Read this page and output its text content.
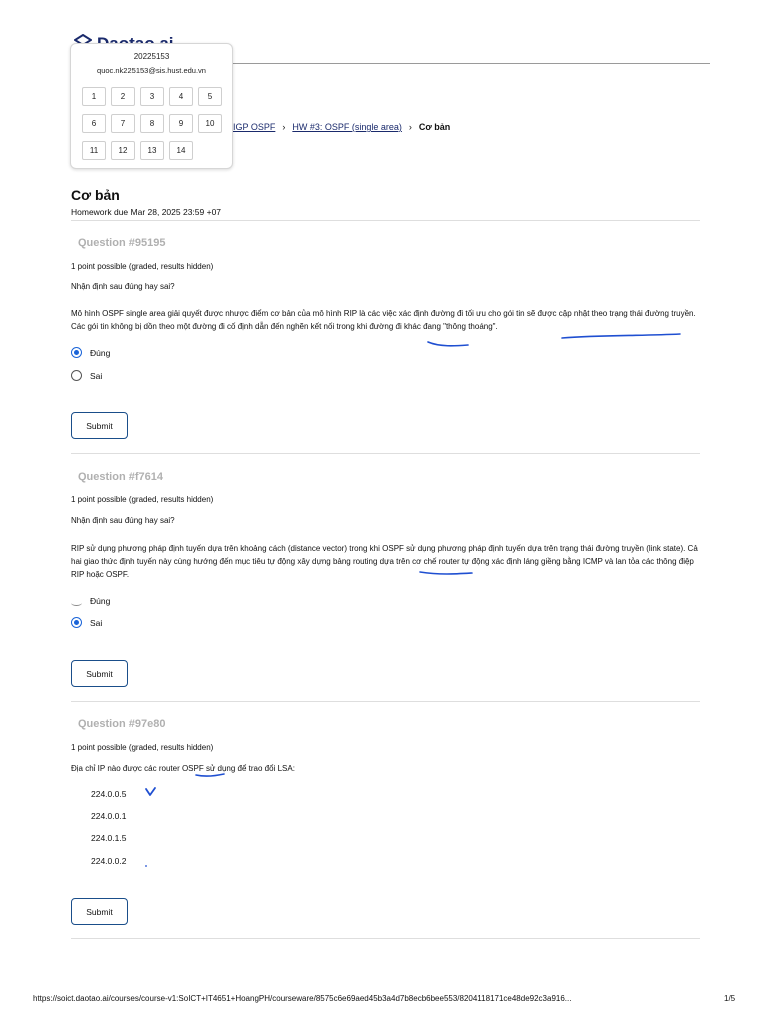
IGP OSPF › HW #3: OSPF (single area) › Cơ bản
20225153
quoc.nk225153@sis.hust.edu.vn
1	2	3	4	5
6	7	8	9	10
11	12	13	14
Cơ bản
Homework due Mar 28, 2025 23:59 +07
Question #95195
1 point possible (graded, results hidden)
Nhận định sau đúng hay sai?
Mô hình OSPF single area giải quyết được nhược điểm cơ bản của mô hình RIP là các việc xác định đường đi tối ưu cho gói tin sẽ được cập nhật theo trạng thái đường truyền. Các gói tin không bị dồn theo một đường đi cố định dẫn đến nghẽn kết nối trong khi đường đi khác đang "thông thoáng".
Đúng
Sai
Submit
Question #f7614
1 point possible (graded, results hidden)
Nhận định sau đúng hay sai?
RIP sử dụng phương pháp định tuyến dựa trên khoảng cách (distance vector) trong khi OSPF sử dụng phương pháp định tuyến dựa trên trạng thái đường truyền (link state). Cả hai giao thức định tuyến này cùng hướng đến mục tiêu tự động xây dựng bảng routing dựa trên cơ chế router tự động xác định láng giềng bằng ICMP và lan tỏa các thông điệp RIP hoặc OSPF.
Đúng
Sai
Submit
Question #97e80
1 point possible (graded, results hidden)
Địa chỉ IP nào được các router OSPF sử dụng để trao đổi LSA:
224.0.0.5
224.0.0.1
224.0.1.5
224.0.0.2
Submit
https://soict.daotao.ai/courses/course-v1:SoICT+IT4651+HoangPH/courseware/8575c6e69aed45b3a4d7b8ecb6bee553/8204118171ce48de92c3a916...	1/5
